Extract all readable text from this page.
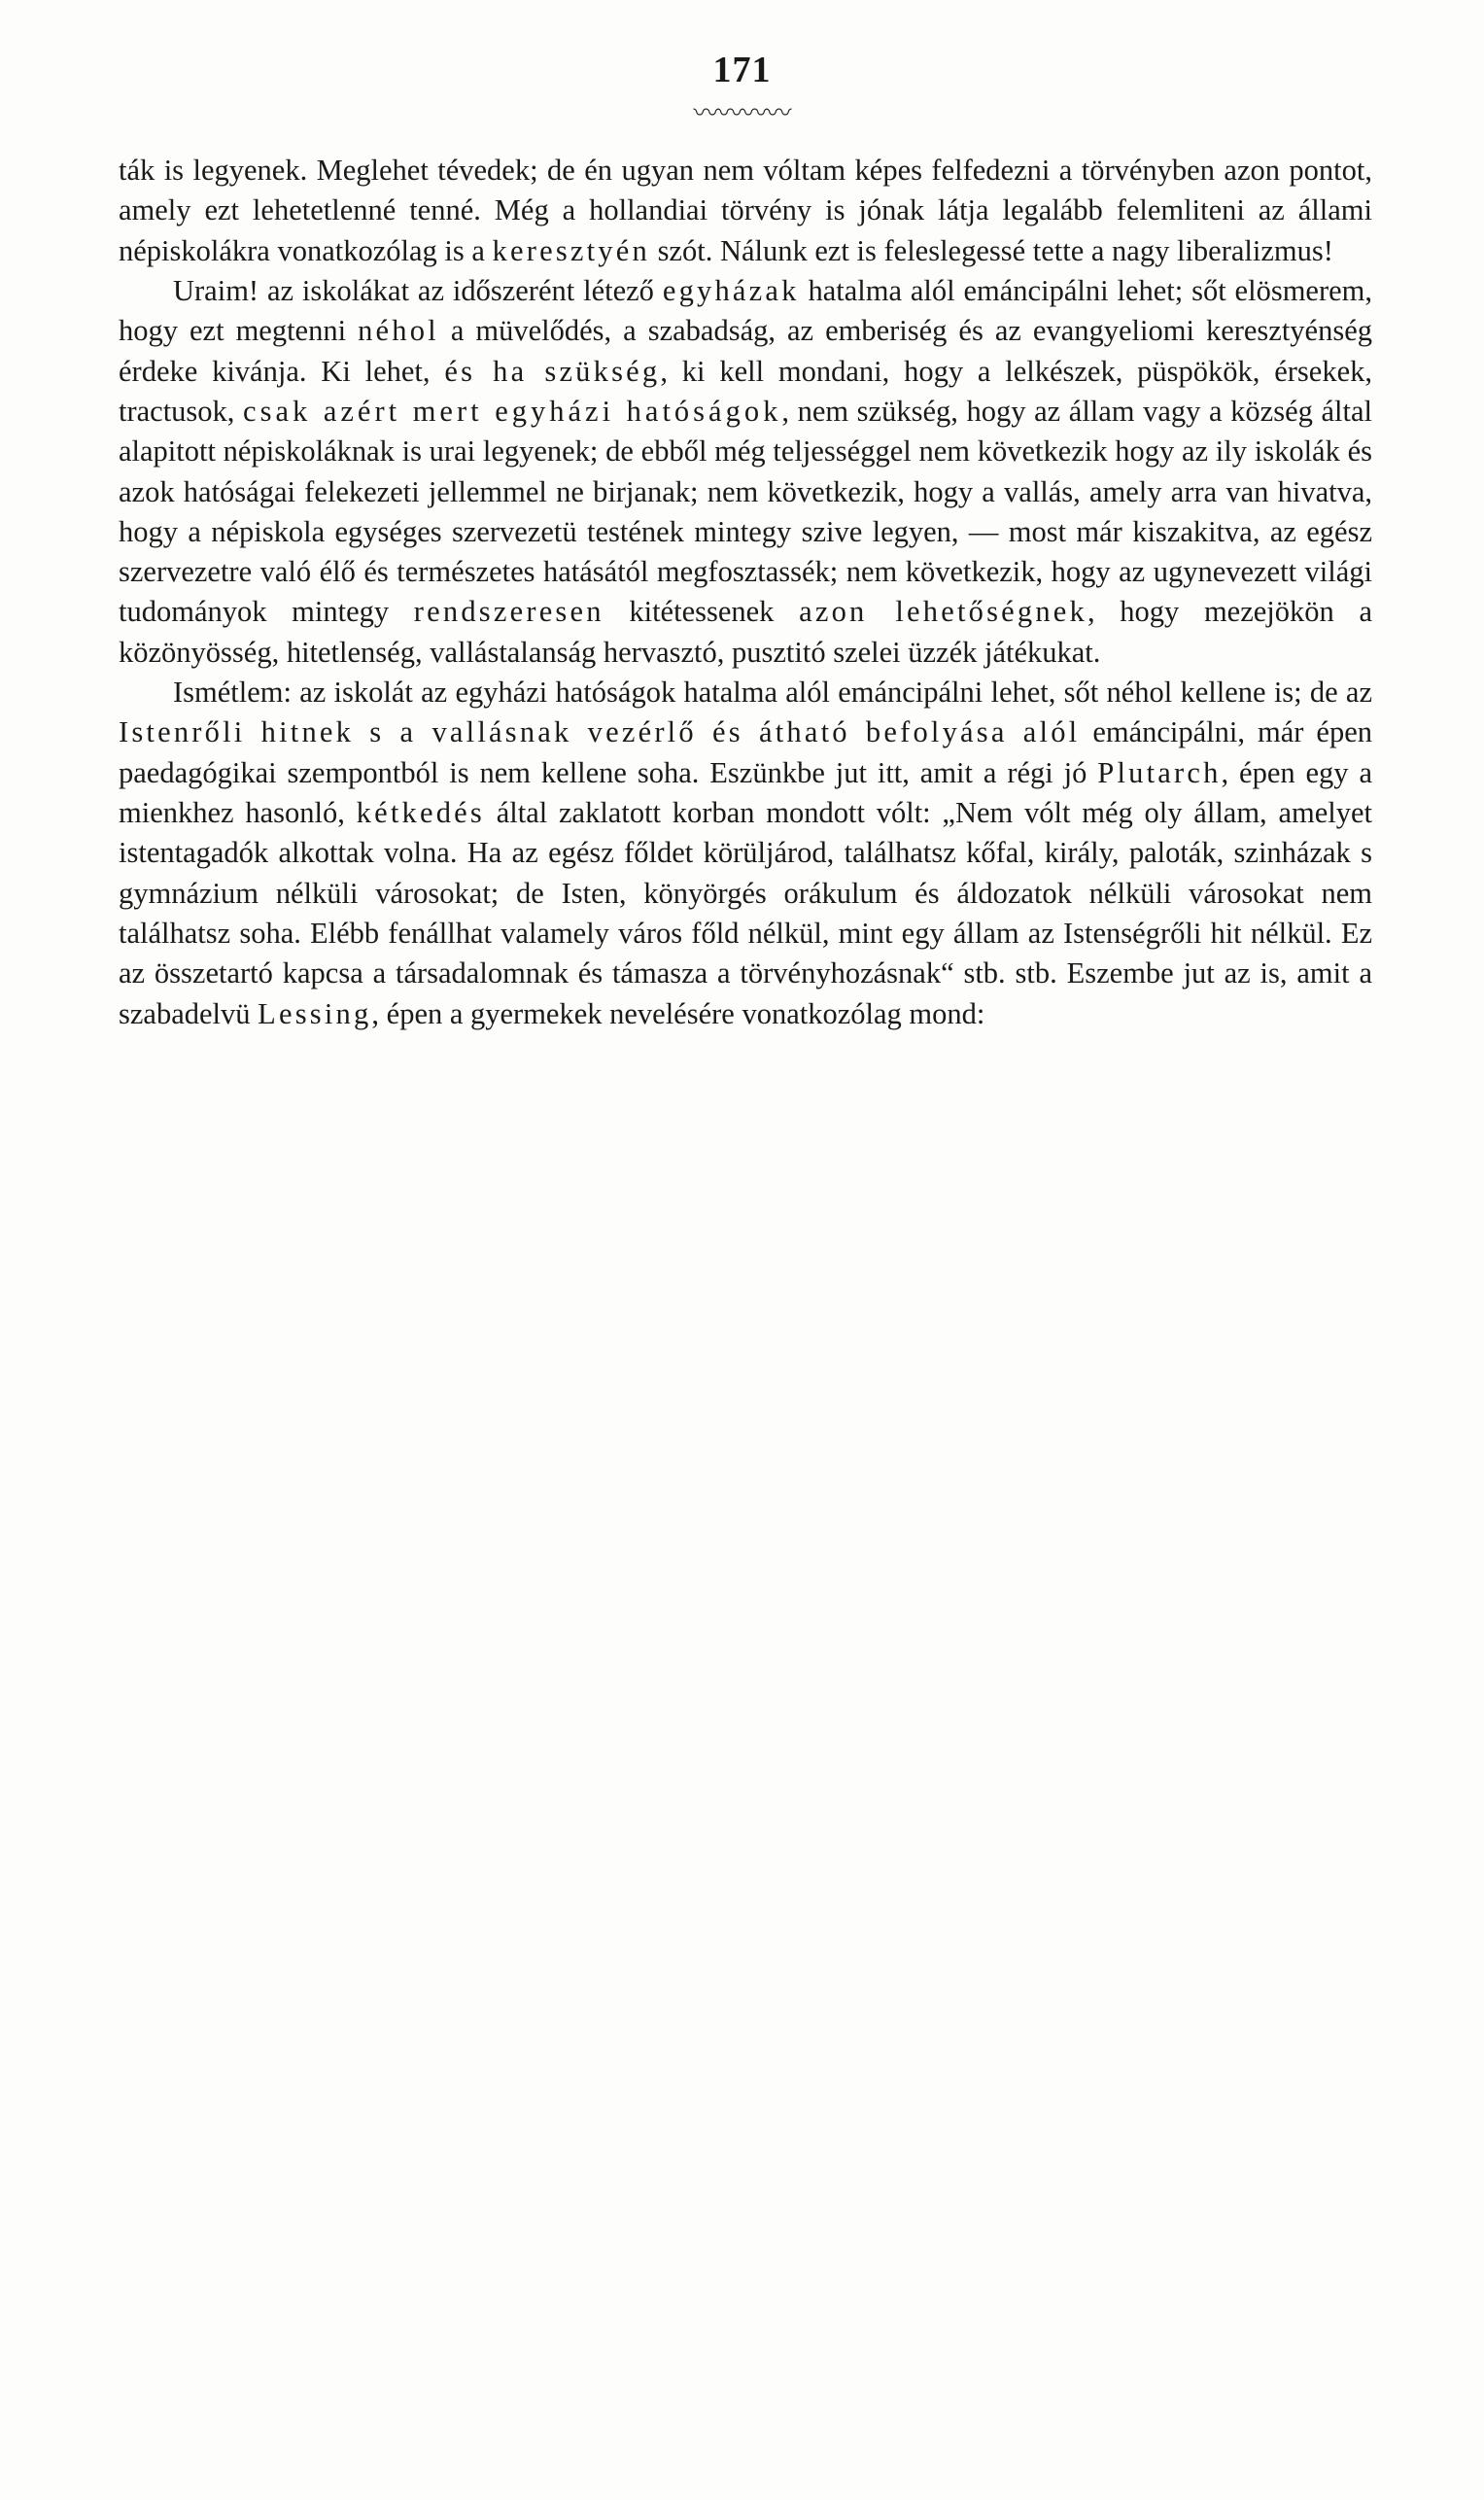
171
〰〰〰〰

ták is legyenek. Meglehet tévedek; de én ugyan nem vóltam képes felfedezni a törvényben azon pontot, amely ezt lehetetlenné tenné. Még a hollandiai törvény is jónak látja legalább felemliteni az állami népiskolákra vonatkozólag is a keresztyén szót. Nálunk ezt is feleslegessé tette a nagy liberalizmus!

Uraim! az iskolákat az időszerént létező egyházak hatalma alól emáncipálni lehet; sőt elösmerem, hogy ezt megtenni néhol a müvelődés, a szabadság, az emberiség és az evangyeliomi keresztyénség érdeke kivánja. Ki lehet, és ha szükség, ki kell mondani, hogy a lelkészek, püspökök, érsekek, tractusok, csak azért mert egyházi hatóságok, nem szükség, hogy az állam vagy a község által alapitott népiskoláknak is urai legyenek; de ebből még teljességgel nem következik hogy az ily iskolák és azok hatóságai felekezeti jellemmel ne birjanak; nem következik, hogy a vallás, amely arra van hivatva, hogy a népiskola egységes szervezetü testének mintegy szive legyen, — most már kiszakitva, az egész szervezetre való élő és természetes hatásától megfosztassék; nem következik, hogy az ugynevezett világi tudományok mintegy rendszeresen kitétessenek azon lehetőségnek, hogy mezejökön a közönyösség, hitetlenség, vallástalanság hervasztó, pusztitó szelei üzzék játékukat.

Ismétlem: az iskolát az egyházi hatóságok hatalma alól emáncipálni lehet, sőt néhol kellene is; de az Istenrőli hitnek s a vallásnak vezérlő és átható befolyása alól emáncipálni, már épen paedagógikai szempontból is nem kellene soha. Eszünkbe jut itt, amit a régi jó Plutarch, épen egy a mienkhez hasonló, kétkedés által zaklatott korban mondott vólt: „Nem vólt még oly állam, amelyet istentagadók alkottak volna. Ha az egész főldet körüljárod, találhatsz kőfal, király, paloták, szinházak s gymnázium nélküli városokat; de Isten, könyörgés orákulum és áldozatok nélküli városokat nem találhatsz soha. Elébb fenállhat valamely város főld nélkül, mint egy állam az Istenségrőli hit nélkül. Ez az összetartó kapcsa a társadalomnak és támasza a törvényhozásnak“ stb. stb. Eszembe jut az is, amit a szabadelvü Lessing, épen a gyermekek nevelésére vonatkozólag mond:
